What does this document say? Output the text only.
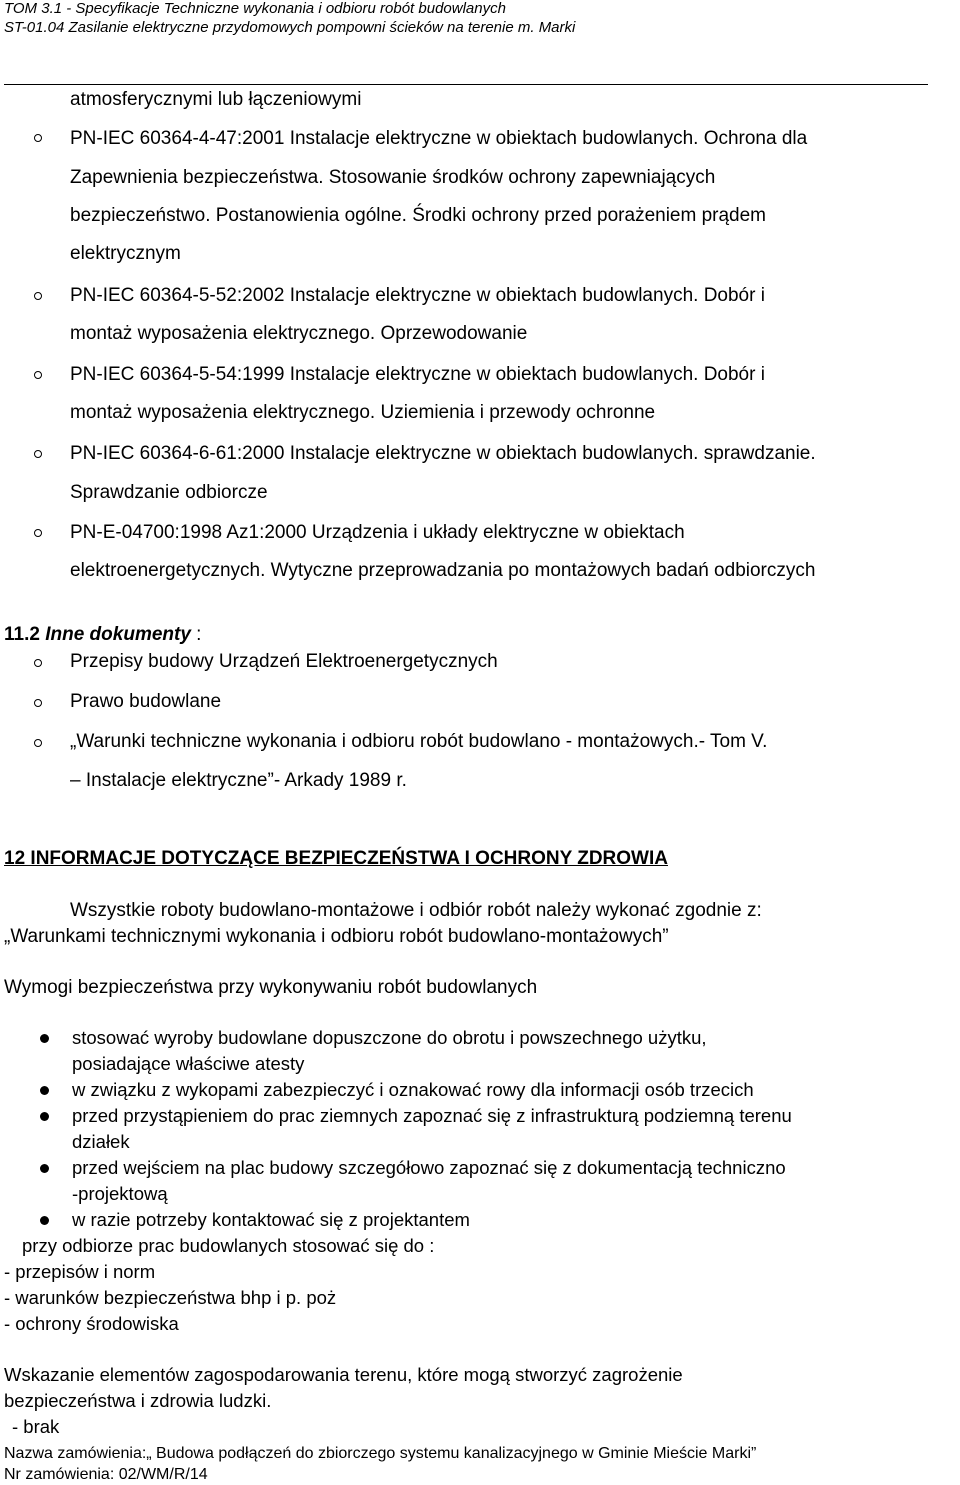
TOM 3.1 - Specyfikacje Techniczne wykonania i odbioru robót budowlanych
ST-01.04 Zasilanie elektryczne przydomowych pompowni ścieków na terenie m. Marki
atmosferycznymi lub łączeniowymi
PN-IEC 60364-4-47:2001 Instalacje elektryczne w obiektach budowlanych. Ochrona dla
Zapewnienia bezpieczeństwa. Stosowanie środków ochrony zapewniających
bezpieczeństwo. Postanowienia ogólne. Środki ochrony przed porażeniem prądem
elektrycznym
PN-IEC 60364-5-52:2002 Instalacje elektryczne w obiektach budowlanych. Dobór i
montaż wyposażenia elektrycznego. Oprzewodowanie
PN-IEC 60364-5-54:1999 Instalacje elektryczne w obiektach budowlanych. Dobór i
montaż wyposażenia elektrycznego. Uziemienia i przewody ochronne
PN-IEC 60364-6-61:2000 Instalacje elektryczne w obiektach budowlanych. sprawdzanie.
Sprawdzanie odbiorcze
PN-E-04700:1998 Az1:2000 Urządzenia i układy elektryczne w obiektach
elektroenergetycznych. Wytyczne przeprowadzania po montażowych badań odbiorczych
11.2 Inne dokumenty :
Przepisy budowy Urządzeń Elektroenergetycznych
Prawo budowlane
„Warunki techniczne wykonania i odbioru robót budowlano - montażowych.- Tom V.
– Instalacje elektryczne”- Arkady 1989 r.
12 INFORMACJE DOTYCZĄCE BEZPIECZEŃSTWA I OCHRONY ZDROWIA
Wszystkie roboty budowlano-montażowe i odbiór robót należy wykonać zgodnie z:
„Warunkami technicznymi wykonania i odbioru robót budowlano-montażowych”
Wymogi bezpieczeństwa przy wykonywaniu robót budowlanych
stosować wyroby budowlane dopuszczone do obrotu i powszechnego użytku,
posiadające właściwe atesty
w związku z wykopami zabezpieczyć i oznakować rowy dla informacji osób trzecich
przed przystąpieniem do prac ziemnych zapoznać się z infrastrukturą podziemną terenu
działek
przed wejściem na plac budowy szczegółowo zapoznać się z dokumentacją techniczno
-projektową
w razie potrzeby kontaktować się z projektantem
przy odbiorze prac budowlanych stosować się do :
- przepisów i norm
- warunków bezpieczeństwa bhp i p. poż
- ochrony środowiska
Wskazanie elementów zagospodarowania terenu, które mogą stworzyć zagrożenie
bezpieczeństwa i zdrowia ludzki.
- brak
Nazwa zamówienia:„ Budowa podłączeń do zbiorczego systemu kanalizacyjnego w Gminie Mieście Marki”
Nr zamówienia: 02/WM/R/14
